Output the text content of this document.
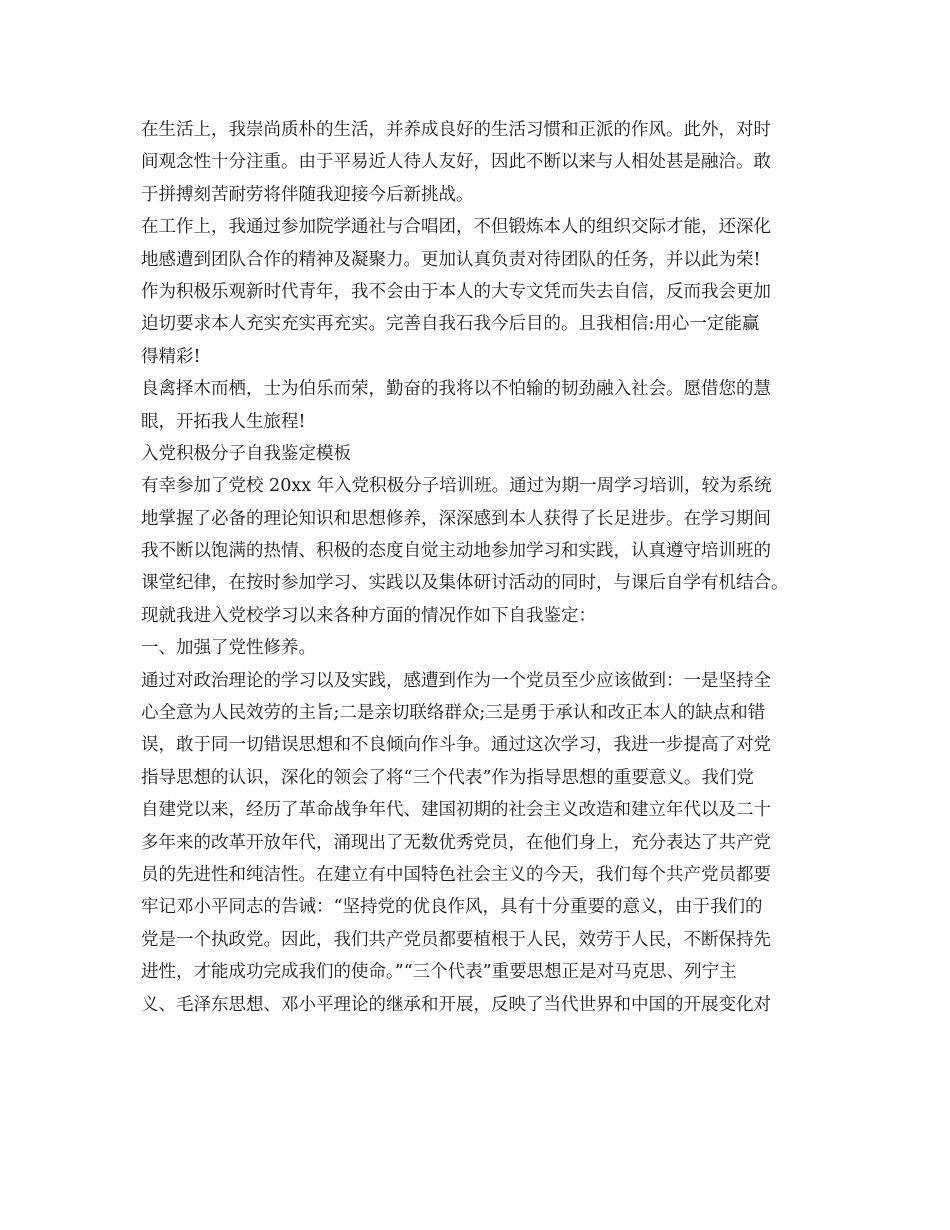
在生活上，我崇尚质朴的生活，并养成良好的生活习惯和正派的作风。此外，对时
间观念性十分注重。由于平易近人待人友好，因此不断以来与人相处甚是融洽。敢
于拼搏刻苦耐劳将伴随我迎接今后新挑战。
在工作上，我通过参加院学通社与合唱团，不但锻炼本人的组织交际才能，还深化
地感遭到团队合作的精神及凝聚力。更加认真负责对待团队的任务，并以此为荣!
作为积极乐观新时代青年，我不会由于本人的大专文凭而失去自信，反而我会更加
迫切要求本人充实充实再充实。完善自我石我今后目的。且我相信:用心一定能赢
得精彩!
良禽择木而栖，士为伯乐而荣，勤奋的我将以不怕输的韧劲融入社会。愿借您的慧
眼，开拓我人生旅程!
入党积极分子自我鉴定模板
有幸参加了党校 20xx 年入党积极分子培训班。通过为期一周学习培训，较为系统
地掌握了必备的理论知识和思想修养，深深感到本人获得了长足进步。在学习期间
我不断以饱满的热情、积极的态度自觉主动地参加学习和实践，认真遵守培训班的
课堂纪律，在按时参加学习、实践以及集体研讨活动的同时，与课后自学有机结合。
现就我进入党校学习以来各种方面的情况作如下自我鉴定：
一、加强了党性修养。
通过对政治理论的学习以及实践，感遭到作为一个党员至少应该做到：一是坚持全
心全意为人民效劳的主旨;二是亲切联络群众;三是勇于承认和改正本人的缺点和错
误，敢于同一切错误思想和不良倾向作斗争。通过这次学习，我进一步提高了对党
指导思想的认识，深化的领会了将“三个代表”作为指导思想的重要意义。我们党
自建党以来，经历了革命战争年代、建国初期的社会主义改造和建立年代以及二十
多年来的改革开放年代，涌现出了无数优秀党员，在他们身上，充分表达了共产党
员的先进性和纯洁性。在建立有中国特色社会主义的今天，我们每个共产党员都要
牢记邓小平同志的告诫：“坚持党的优良作风，具有十分重要的意义，由于我们的
党是一个执政党。因此，我们共产党员都要植根于人民，效劳于人民，不断保持先
进性，才能成功完成我们的使命。”“三个代表”重要思想正是对马克思、列宁主
义、毛泽东思想、邓小平理论的继承和开展，反映了当代世界和中国的开展变化对
